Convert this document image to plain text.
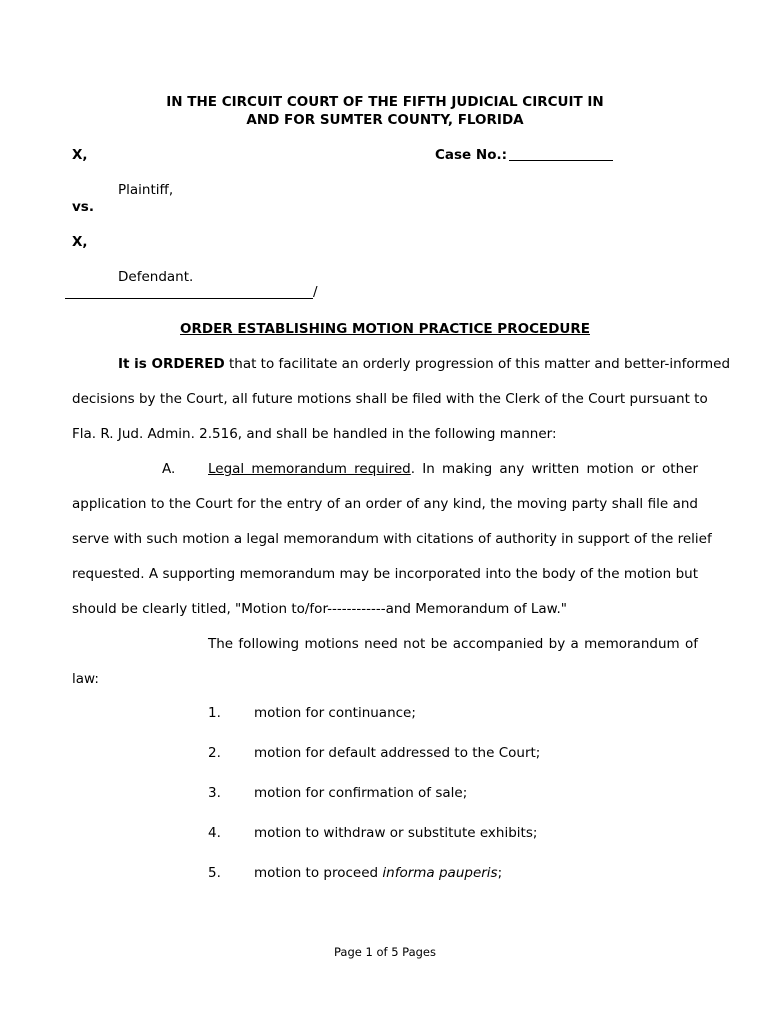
IN THE CIRCUIT COURT OF THE FIFTH JUDICIAL CIRCUIT IN
AND FOR SUMTER COUNTY, FLORIDA
X,	Case No.:
Plaintiff,
vs.
X,
Defendant.
/
ORDER ESTABLISHING MOTION PRACTICE PROCEDURE
It is ORDERED that to facilitate an orderly progression of this matter and better-informed
decisions by the Court, all future motions shall be filed with the Clerk of the Court pursuant to
Fla. R. Jud. Admin. 2.516, and shall be handled in the following manner:
A. Legal memorandum required. In making any written motion or other
application to the Court for the entry of an order of any kind, the moving party shall file and
serve with such motion a legal memorandum with citations of authority in support of the relief
requested. A supporting memorandum may be incorporated into the body of the motion but
should be clearly titled, "Motion to/for------------and Memorandum of Law."
The following motions need not be accompanied by a memorandum of
law:
1. motion for continuance;
2. motion for default addressed to the Court;
3. motion for confirmation of sale;
4. motion to withdraw or substitute exhibits;
5. motion to proceed informa pauperis;
Page 1 of 5 Pages
